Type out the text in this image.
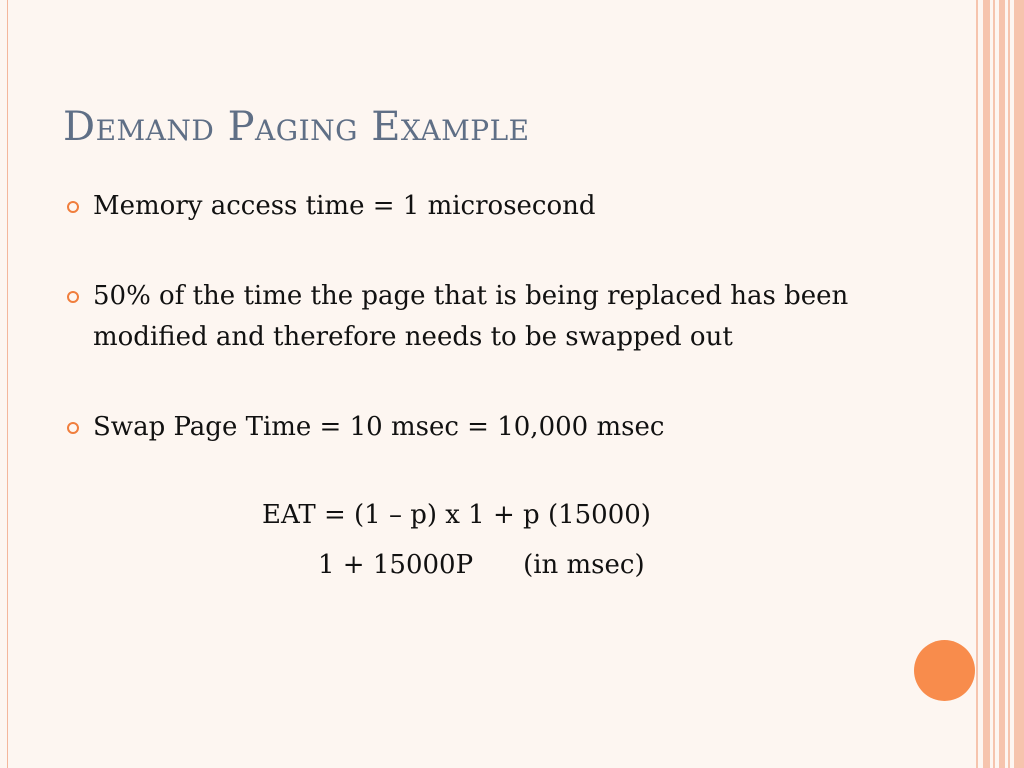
Demand Paging Example
Memory access time = 1 microsecond
50% of the time the page that is being replaced has been modified and therefore needs to be swapped out
Swap Page Time = 10 msec = 10,000 msec
EAT = (1 – p) x 1 + p (15000)
1 + 15000P (in msec)
